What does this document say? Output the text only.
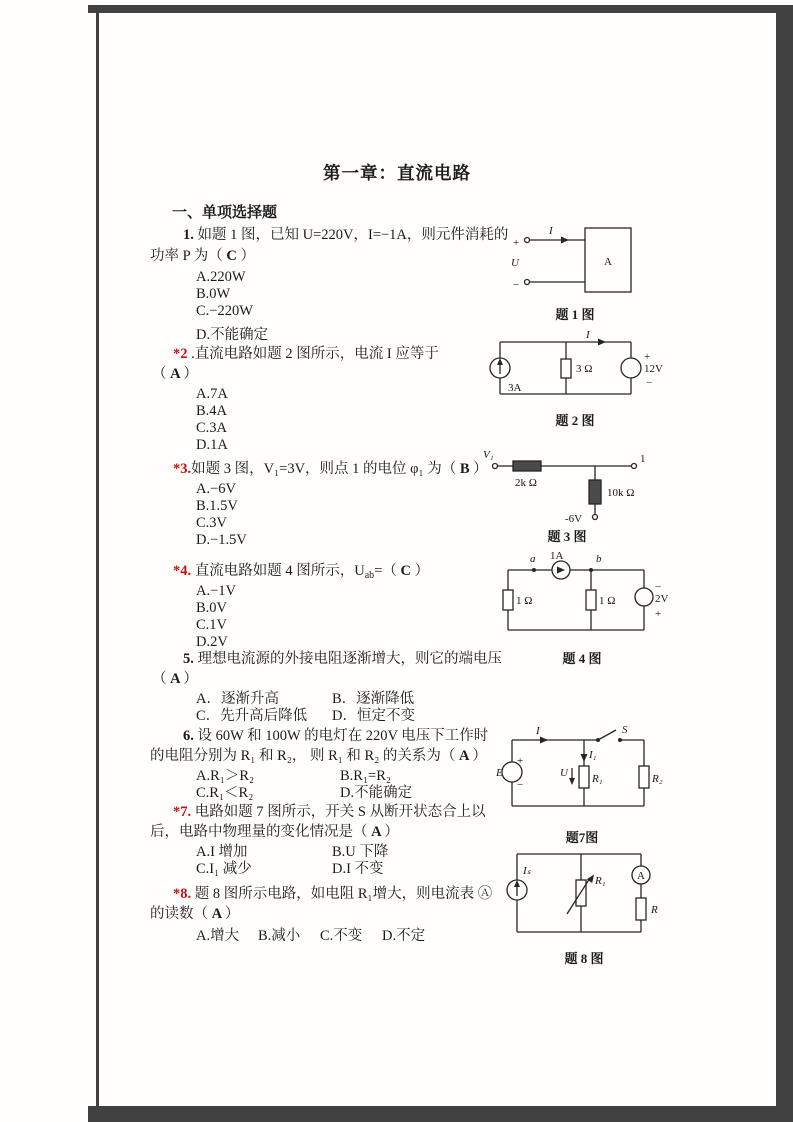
第一章：直流电路
一、单项选择题
1. 如题 1 图，已知 U=220V，I=−1A，则元件消耗的
功率 P 为（ C ）
A.220W
B.0W
C.−220W
D.不能确定
*2 .直流电路如题 2 图所示，电流 I 应等于
（ A ）
A.7A
B.4A
C.3A
D.1A
*3.如题 3 图，V₁=3V，则点 1 的电位 φ₁ 为（ B ）
A.−6V
B.1.5V
C.3V
D.−1.5V
*4. 直流电路如题 4 图所示，$U_{ab}=$（ C ）
A.−1V
B.0V
C.1V
D.2V
5. 理想电流源的外接电阻逐渐增大，则它的端电压
（ A ）
A．逐渐升高	B．逐渐降低
C．先升高后降低 D．恒定不变
6. 设 60W 和 100W 的电灯在 220V 电压下工作时
的电阻分别为 R₁ 和 R₂， 则 R₁ 和 R₂ 的关系为（ A ）
A.R₁＞R₂	B.R₁=R₂
C.R₁＜R₂	D.不能确定
*7. 电路如题 7 图所示，开关 S 从断开状态合上以
后，电路中物理量的变化情况是（ A ）
A.I 增加	B.U 下降
C.I₁ 减少	D.I 不变
*8. 题 8 图所示电路，如电阻 R₁增大，则电流表 Ⓐ
的读数（ A ）
A.增大 B.减小 C.不变 D.不定
I
+
U
−
A
题 1 图
I
3A
3 Ω
+
12V
−
题 2 图
V₁
2k Ω
1
10k Ω
-6V
题 3 图
a 1A	b
1 Ω	1 Ω
−
2V
+
题 4 图
I	S
E
+
−
U
I₁
R₁	R₂
题7图
Iₛ
R₁	A
R
题 8 图
